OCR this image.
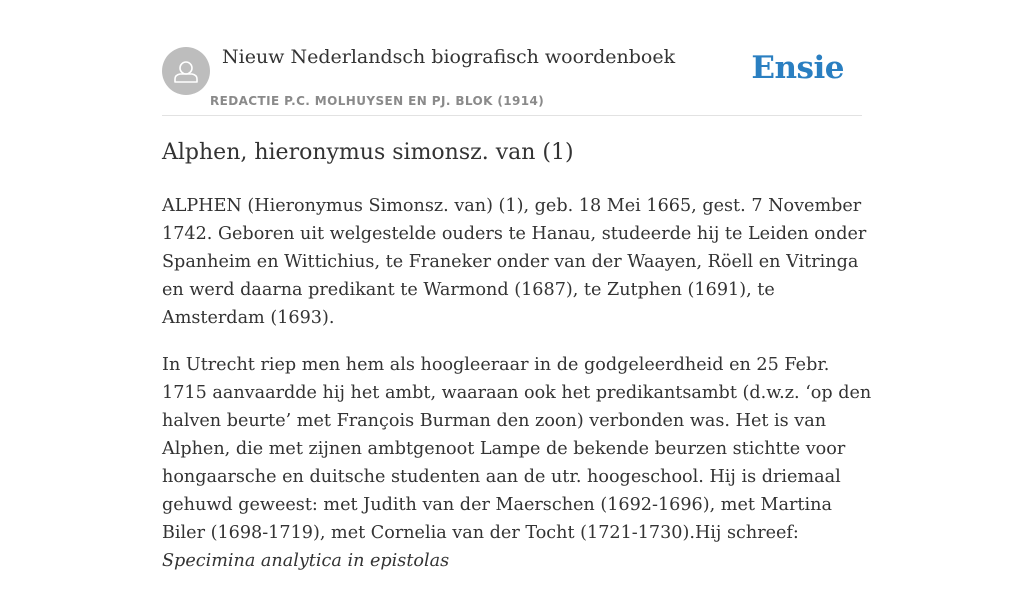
Nieuw Nederlandsch biografisch woordenboek
REDACTIE P.C. MOLHUYSEN EN PJ. BLOK (1914)
Ensie
Alphen, hieronymus simonsz. van (1)

ALPHEN (Hieronymus Simonsz. van) (1), geb. 18 Mei 1665, gest. 7 November 1742. Geboren uit welgestelde ouders te Hanau, studeerde hij te Leiden onder Spanheim en Wittichius, te Franeker onder van der Waayen, Röell en Vitringa en werd daarna predikant te Warmond (1687), te Zutphen (1691), te Amsterdam (1693).

In Utrecht riep men hem als hoogleeraar in de godgeleerdheid en 25 Febr. 1715 aanvaardde hij het ambt, waaraan ook het predikantsambt (d.w.z. ‘op den halven beurte’ met François Burman den zoon) verbonden was. Het is van Alphen, die met zijnen ambtgenoot Lampe de bekende beurzen stichtte voor hongaarsche en duitsche studenten aan de utr. hoogeschool. Hij is driemaal gehuwd geweest: met Judith van der Maerschen (1692-1696), met Martina Biler (1698-1719), met Cornelia van der Tocht (1721-1730).Hij schreef: Specimina analytica in epistolas
